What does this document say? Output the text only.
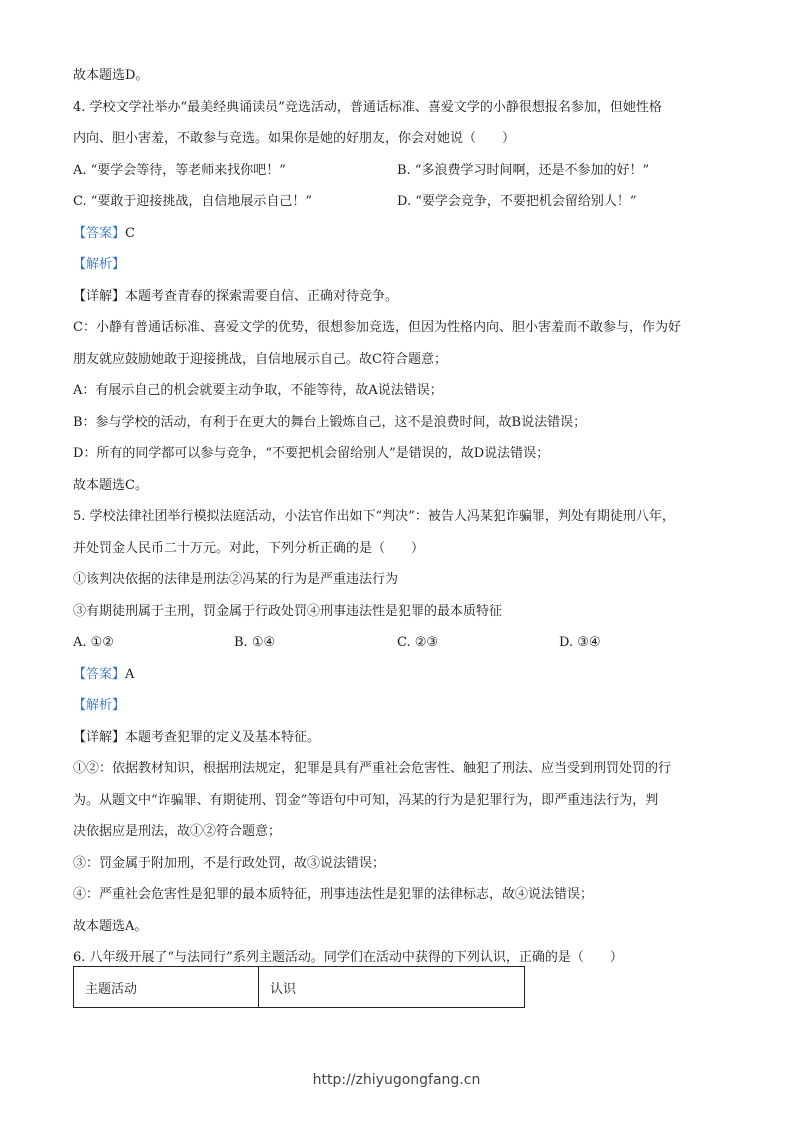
故本题选D。
4. 学校文学社举办“最美经典诵读员”竞选活动，普通话标准、喜爱文学的小静很想报名参加，但她性格
内向、胆小害羞，不敢参与竞选。如果你是她的好朋友，你会对她说（　　）
A. “要学会等待，等老师来找你吧！”	B. “多浪费学习时间啊，还是不参加的好！”
C. “要敢于迎接挑战，自信地展示自己！”	D. “要学会竞争，不要把机会留给别人！”
【答案】C
【解析】
【详解】本题考查青春的探索需要自信、正确对待竞争。
C：小静有普通话标准、喜爱文学的优势，很想参加竞选，但因为性格内向、胆小害羞而不敢参与，作为好
朋友就应鼓励她敢于迎接挑战，自信地展示自己。故C符合题意；
A：有展示自己的机会就要主动争取，不能等待，故A说法错误；
B：参与学校的活动，有利于在更大的舞台上锻炼自己，这不是浪费时间，故B说法错误；
D：所有的同学都可以参与竞争，“不要把机会留给别人”是错误的，故D说法错误；
故本题选C。
5. 学校法律社团举行模拟法庭活动，小法官作出如下“判决”：被告人冯某犯诈骗罪，判处有期徒刑八年，
并处罚金人民币二十万元。对此，下列分析正确的是（　　）
①该判决依据的法律是刑法②冯某的行为是严重违法行为
③有期徒刑属于主刑，罚金属于行政处罚④刑事违法性是犯罪的最本质特征
A. ①②	B. ①④	C. ②③	D. ③④
【答案】A
【解析】
【详解】本题考查犯罪的定义及基本特征。
①②：依据教材知识，根据刑法规定，犯罪是具有严重社会危害性、触犯了刑法、应当受到刑罚处罚的行
为。从题文中“诈骗罪、有期徒刑、罚金”等语句中可知，冯某的行为是犯罪行为，即严重违法行为，判
决依据应是刑法，故①②符合题意；
③：罚金属于附加刑，不是行政处罚，故③说法错误；
④：严重社会危害性是犯罪的最本质特征，刑事违法性是犯罪的法律标志，故④说法错误；
故本题选A。
6. 八年级开展了“与法同行”系列主题活动。同学们在活动中获得的下列认识，正确的是（　　）
主题活动	认识
http://zhiyugongfang.cn
